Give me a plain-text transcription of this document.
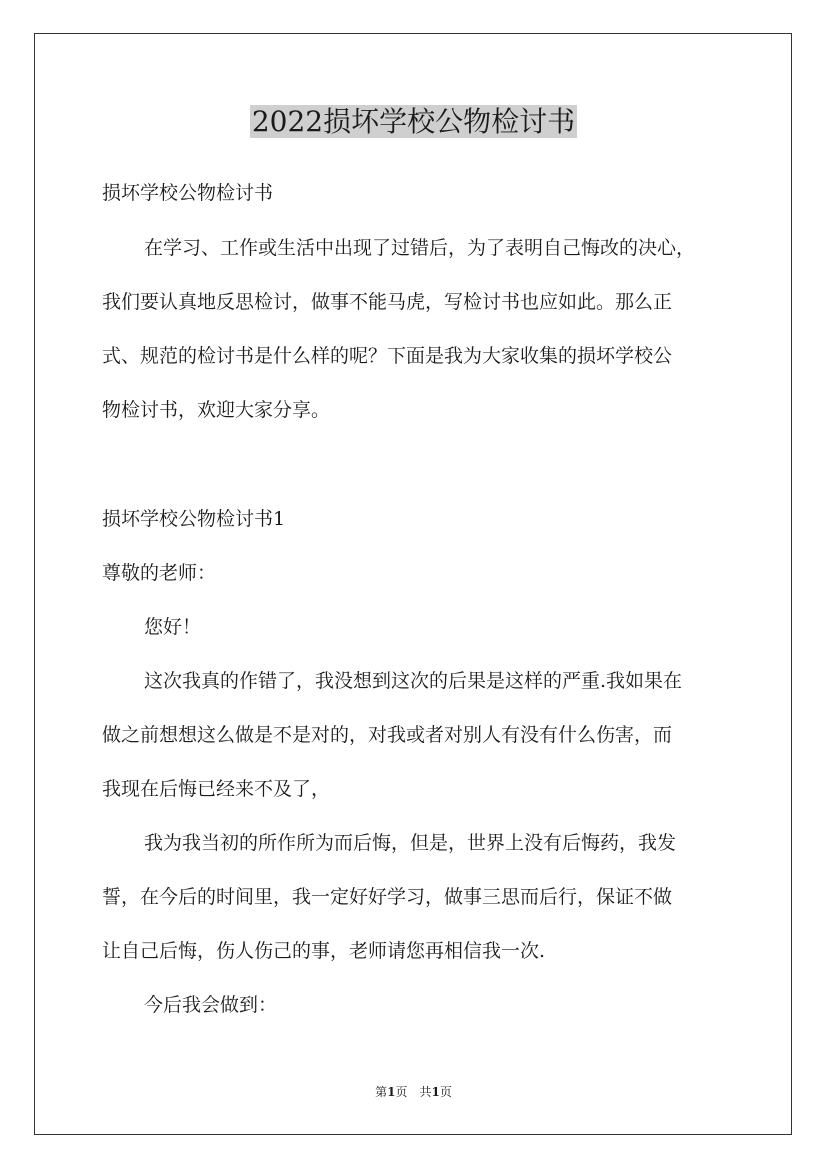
2022损坏学校公物检讨书

损坏学校公物检讨书

在学习、工作或生活中出现了过错后，为了表明自己悔改的决心，

我们要认真地反思检讨，做事不能马虎，写检讨书也应如此。那么正

式、规范的检讨书是什么样的呢？下面是我为大家收集的损坏学校公

物检讨书，欢迎大家分享。

损坏学校公物检讨书1

尊敬的老师：

您好！

这次我真的作错了，我没想到这次的后果是这样的严重.我如果在

做之前想想这么做是不是对的，对我或者对别人有没有什么伤害，而

我现在后悔已经来不及了，

我为我当初的所作所为而后悔，但是，世界上没有后悔药，我发

誓，在今后的时间里，我一定好好学习，做事三思而后行，保证不做

让自己后悔，伤人伤己的事，老师请您再相信我一次.

今后我会做到：

第1页　共1页
